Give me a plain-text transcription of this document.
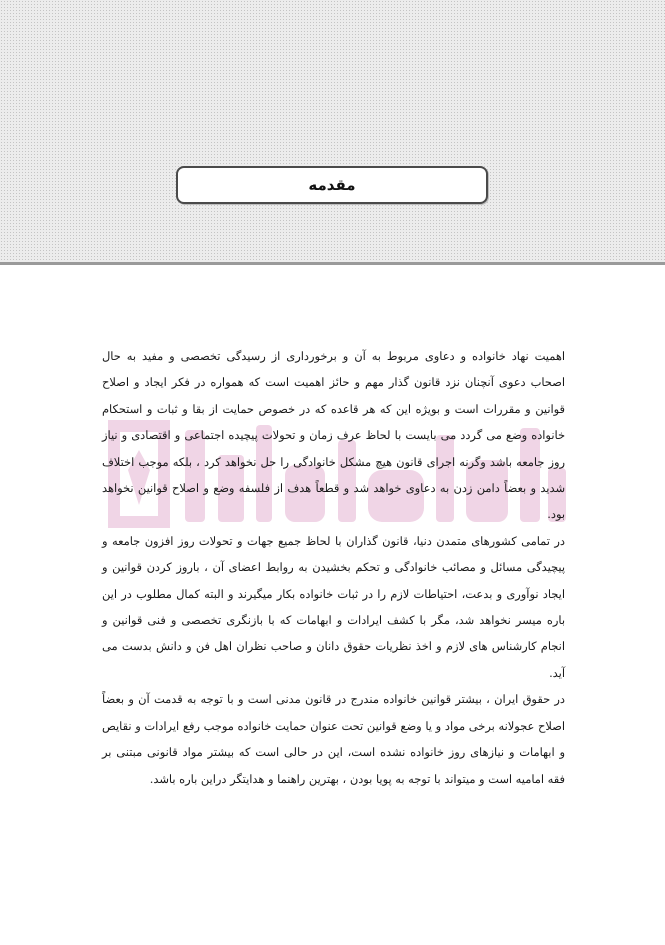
مقدمه

اهمیت نهاد خانواده و دعاوی مربوط به آن و برخورداری از رسیدگی تخصصی و مفید به حال اصحاب دعوی آنچنان نزد قانون گذار مهم و حائز اهمیت است که همواره در فکر ایجاد و اصلاح قوانین و مقررات است و بویژه این که هر قاعده که در خصوص حمایت از بقا و ثبات و استحکام خانواده وضع می گردد می بایست با لحاظ عرف زمان و تحولات پیچیده اجتماعی و اقتصادی و نیاز روز جامعه باشد وگرنه اجرای قانون هیچ مشکل خانوادگی را حل نخواهد کرد ، بلکه موجب اختلاف شدید و بعضاً دامن زدن به دعاوی خواهد شد و قطعاً هدف از فلسفه وضع و اصلاح قوانین نخواهد بود.

در تمامی کشورهای متمدن دنیا، قانون گذاران با لحاظ جمیع جهات و تحولات روز افزون جامعه و پیچیدگی مسائل و مصائب خانوادگی و تحکم بخشیدن به روابط اعضای آن ، باروز کردن قوانین و ایجاد نوآوری و بدعت، احتیاطات لازم را در ثبات خانواده بکار میگیرند و البته کمال مطلوب در این باره میسر نخواهد شد، مگر با کشف ایرادات و ابهامات که با بازنگری تخصصی و فنی قوانین و انجام کارشناس های لازم و اخذ نظریات حقوق دانان و صاحب نظران اهل فن و دانش بدست می آید.

در حقوق ایران ، بیشتر قوانین خانواده مندرج در قانون مدنی است و با توجه به قدمت آن و بعضاً اصلاح عجولانه برخی مواد و یا وضع قوانین تحت عنوان حمایت خانواده موجب رفع ایرادات و نقایص و ابهامات و نیازهای روز خانواده نشده است، این در حالی است که بیشتر مواد قانونی مبتنی بر فقه امامیه است و میتواند با توجه به پویا بودن ، بهترین راهنما و هدایتگر دراین باره باشد.
